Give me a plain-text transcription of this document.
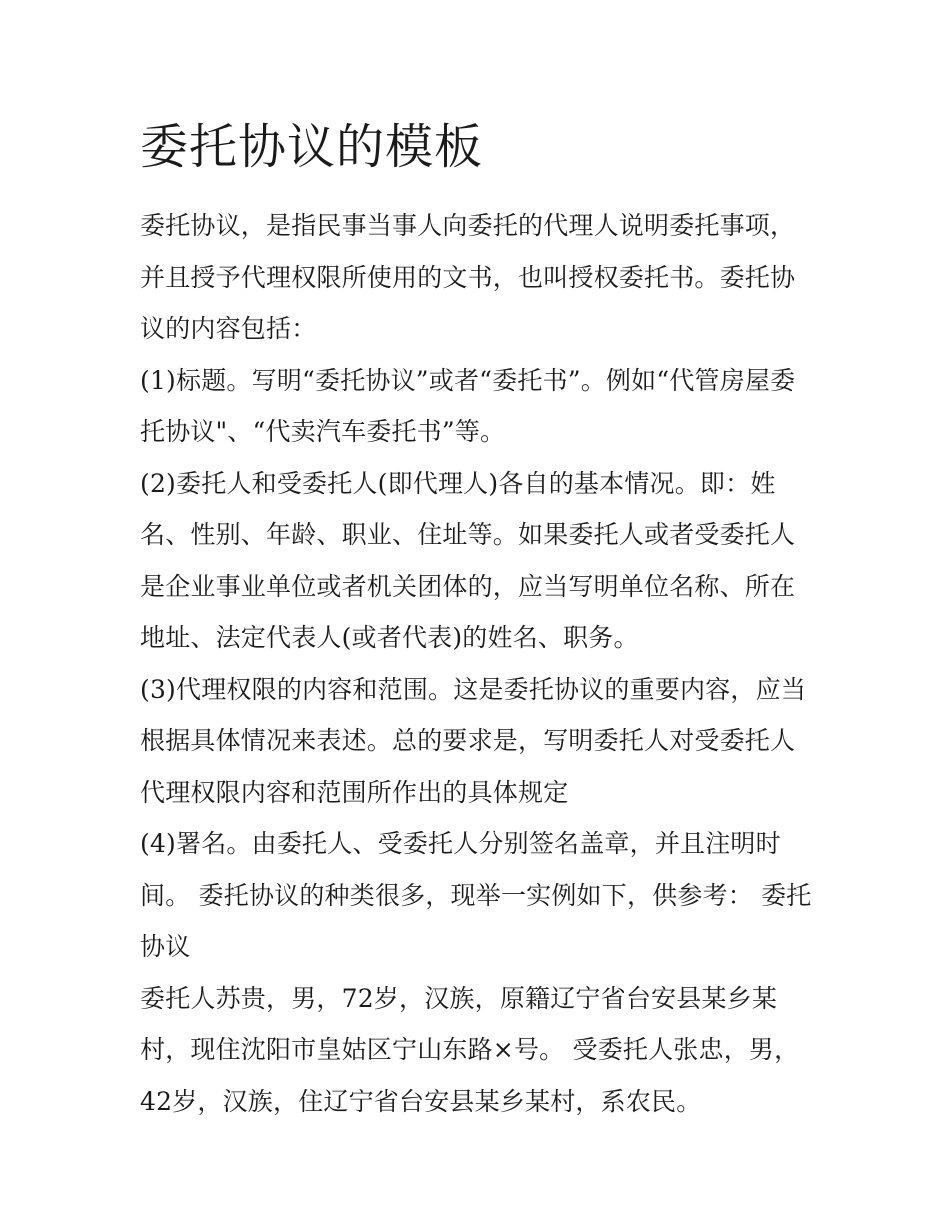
委托协议的模板

委托协议，是指民事当事人向委托的代理人说明委托事项，并且授予代理权限所使用的文书，也叫授权委托书。委托协议的内容包括：

(1)标题。写明“委托协议”或者“委托书”。例如“代管房屋委托协议"、“代卖汽车委托书”等。

(2)委托人和受委托人(即代理人)各自的基本情况。即：姓名、性别、年龄、职业、住址等。如果委托人或者受委托人是企业事业单位或者机关团体的，应当写明单位名称、所在地址、法定代表人(或者代表)的姓名、职务。

(3)代理权限的内容和范围。这是委托协议的重要内容，应当根据具体情况来表述。总的要求是，写明委托人对受委托人代理权限内容和范围所作出的具体规定

(4)署名。由委托人、受委托人分别签名盖章，并且注明时间。 委托协议的种类很多，现举一实例如下，供参考： 委托协议

委托人苏贵，男，72岁，汉族，原籍辽宁省台安县某乡某村，现住沈阳市皇姑区宁山东路×号。 受委托人张忠，男，42岁，汉族，住辽宁省台安县某乡某村，系农民。
